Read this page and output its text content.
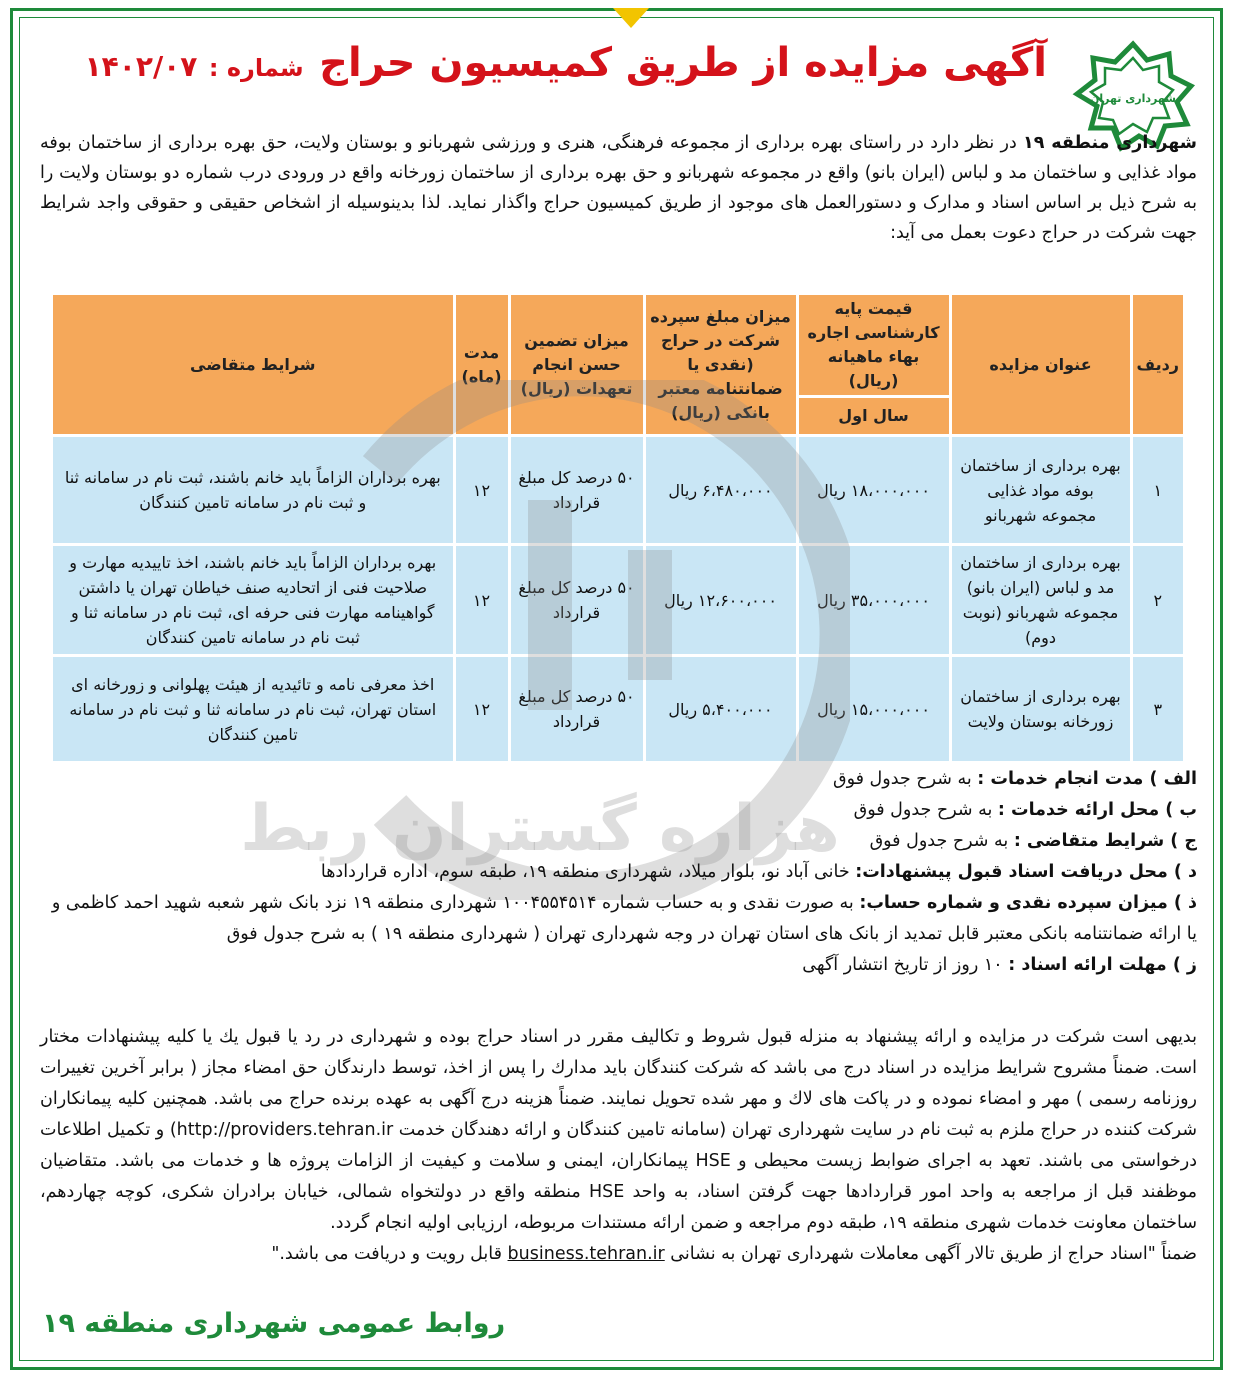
شهرداری تهران
آگهی مزایده از طریق کمیسیون حراج شماره : ۱۴۰۲/۰۷
شهرداری منطقه ۱۹ در نظر دارد در راستای بهره برداری از مجموعه فرهنگی، هنری و ورزشی شهربانو و بوستان ولایت، حق بهره برداری از ساختمان بوفه مواد غذایی و ساختمان مد و لباس (ایران بانو) واقع در مجموعه شهربانو و حق بهره برداری از ساختمان زورخانه واقع در ورودی درب شماره دو بوستان ولایت را به شرح ذیل بر اساس اسناد و مدارک و دستورالعمل های موجود از طریق کمیسیون حراج واگذار نماید. لذا بدینوسیله از اشخاص حقیقی و حقوقی واجد شرایط جهت شرکت در حراج دعوت بعمل می آید:
ردیف	عنوان مزایده	قیمت پایه کارشناسی اجاره بهاء ماهیانه (ریال)	میزان مبلغ سپرده شرکت در حراج (نقدی یا ضمانتنامه معتبر بانکی (ریال)	میزان تضمین حسن انجام تعهدات (ریال)	مدت (ماه)	شرایط متقاضی
		سال اول				
۱	بهره برداری از ساختمان بوفه مواد غذایی مجموعه شهربانو	۱۸،۰۰۰،۰۰۰ ریال	۶،۴۸۰،۰۰۰ ریال	۵۰ درصد کل مبلغ قرارداد	۱۲	بهره برداران الزاماً باید خانم باشند، ثبت نام در سامانه ثنا و ثبت نام در سامانه تامین کنندگان
۲	بهره برداری از ساختمان مد و لباس (ایران بانو) مجموعه شهربانو (نوبت دوم)	۳۵،۰۰۰،۰۰۰ ریال	۱۲،۶۰۰،۰۰۰ ریال	۵۰ درصد کل مبلغ قرارداد	۱۲	بهره برداران الزاماً باید خانم باشند، اخذ تاییدیه مهارت و صلاحیت فنی از اتحادیه صنف خیاطان تهران یا داشتن گواهینامه مهارت فنی حرفه ای، ثبت نام در سامانه ثنا و ثبت نام در سامانه تامین کنندگان
۳	بهره برداری از ساختمان زورخانه بوستان ولایت	۱۵،۰۰۰،۰۰۰ ریال	۵،۴۰۰،۰۰۰ ریال	۵۰ درصد کل مبلغ قرارداد	۱۲	اخذ معرفی نامه و تائیدیه از هیئت پهلوانی و زورخانه ای استان تهران، ثبت نام در سامانه ثنا و ثبت نام در سامانه تامین کنندگان
هزاره گستران ربط
الف ) مدت انجام خدمات : به شرح جدول فوق
ب ) محل ارائه خدمات : به شرح جدول فوق
ج ) شرایط متقاضی : به شرح جدول فوق
د ) محل دریافت اسناد قبول پیشنهادات: خانی آباد نو، بلوار میلاد، شهرداری منطقه ۱۹، طبقه سوم، اداره قراردادها
ذ ) میزان سپرده نقدی و شماره حساب: به صورت نقدی و به حساب شماره ۱۰۰۴۵۵۴۵۱۴ شهرداری منطقه ۱۹ نزد بانک شهر شعبه شهید احمد کاظمی و یا ارائه ضمانتنامه بانکی معتبر قابل تمدید از بانک های استان تهران در وجه شهرداری تهران ( شهرداری منطقه ۱۹ ) به شرح جدول فوق
ز ) مهلت ارائه اسناد : ۱۰ روز از تاریخ انتشار آگهی
بدیهی است شرکت در مزایده و ارائه پیشنهاد به منزله قبول شروط و تکالیف مقرر در اسناد حراج بوده و شهرداری در رد یا قبول یك یا کلیه پیشنهادات مختار است. ضمناً مشروح شرایط مزایده در اسناد درج می باشد که شرکت کنندگان باید مدارك را پس از اخذ، توسط دارندگان حق امضاء مجاز ( برابر آخرین تغییرات روزنامه رسمی ) مهر و امضاء نموده و در پاکت های لاك و مهر شده تحویل نمایند. ضمناً هزینه درج آگهی به عهده برنده حراج می باشد. همچنین کلیه پیمانکاران شرکت کننده در حراج ملزم به ثبت نام در سایت شهرداری تهران (سامانه تامین کنندگان و ارائه دهندگان خدمت http://providers.tehran.ir) و تکمیل اطلاعات درخواستی می باشند. تعهد به اجرای ضوابط زیست محیطی و HSE پیمانکاران، ایمنی و سلامت و کیفیت از الزامات پروژه ها و خدمات می باشد. متقاضیان موظفند قبل از مراجعه به واحد امور قراردادها جهت گرفتن اسناد، به واحد HSE منطقه واقع در دولتخواه شمالی، خیابان برادران شکری، کوچه چهاردهم، ساختمان معاونت خدمات شهری منطقه ۱۹، طبقه دوم مراجعه و ضمن ارائه مستندات مربوطه، ارزیابی اولیه انجام گردد.
ضمناً "اسناد حراج از طریق تالار آگهی معاملات شهرداری تهران به نشانی business.tehran.ir قابل رویت و دریافت می باشد."
روابط عمومی شهرداری منطقه ۱۹
